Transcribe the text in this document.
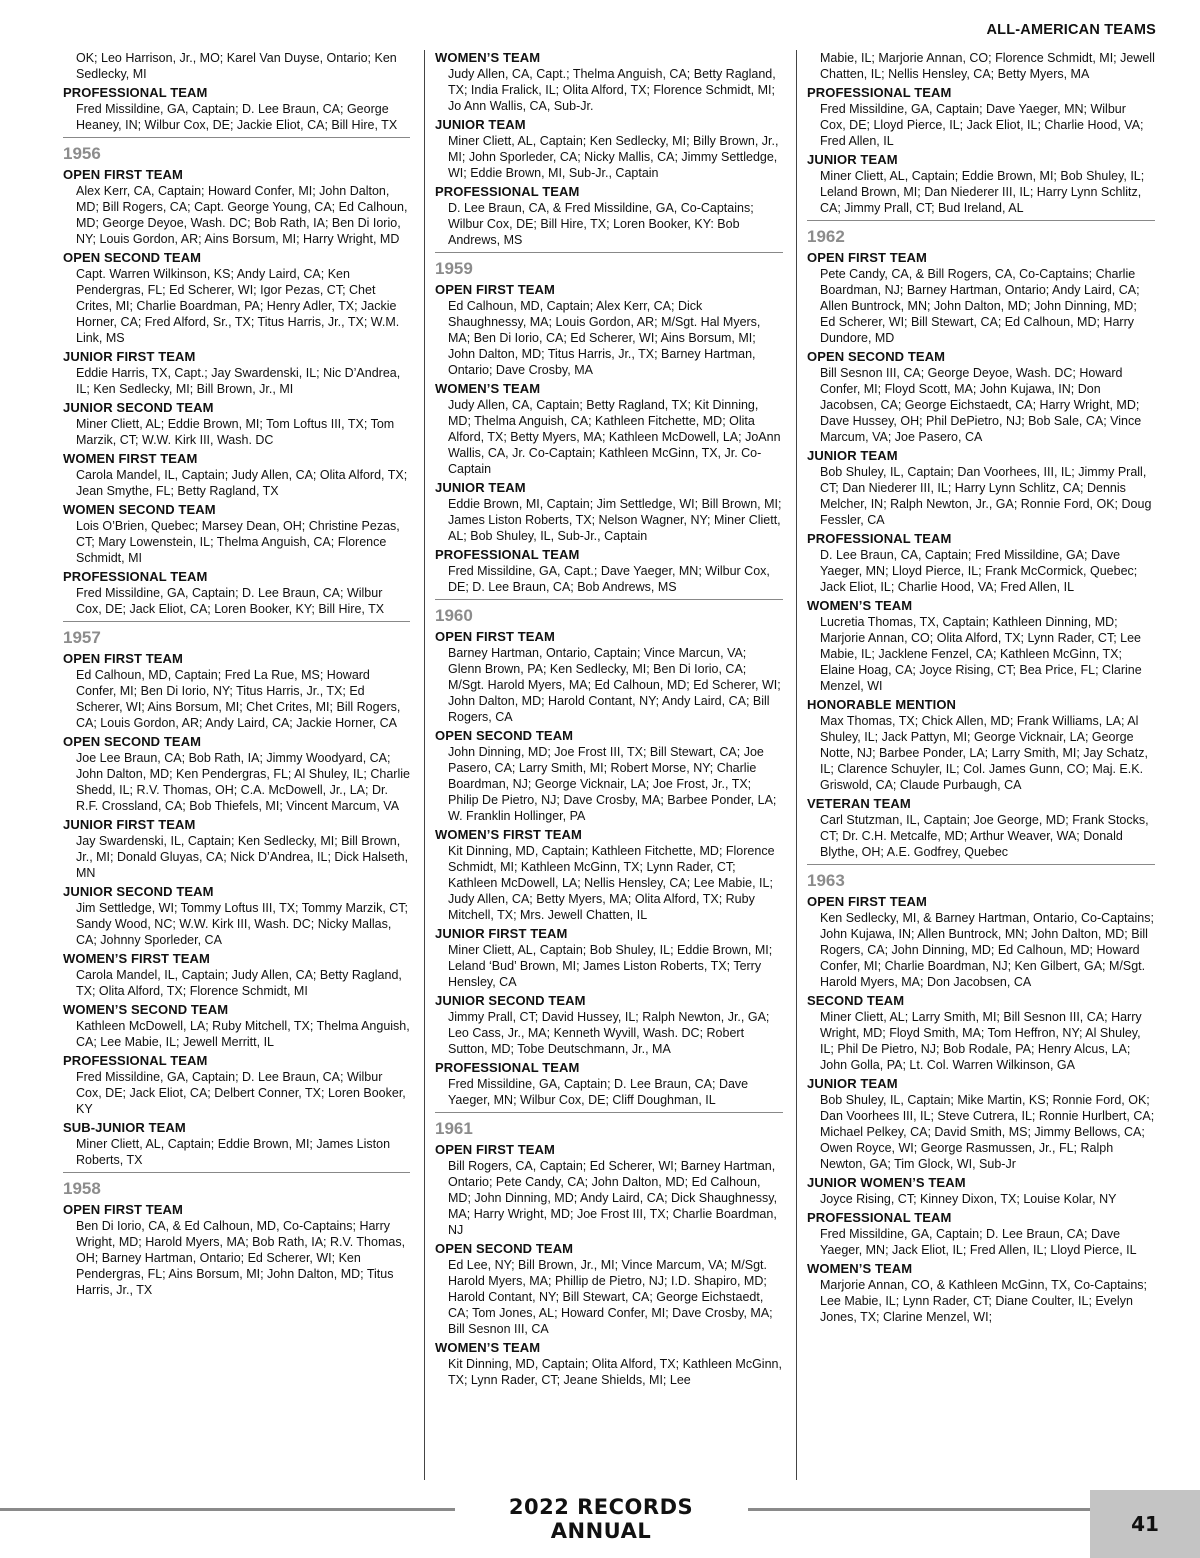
ALL-AMERICAN TEAMS
OK; Leo Harrison, Jr., MO; Karel Van Duyse, Ontario; Ken Sedlecky, MI
PROFESSIONAL TEAM
Fred Missildine, GA, Captain; D. Lee Braun, CA; George Heaney, IN; Wilbur Cox, DE; Jackie Eliot, CA; Bill Hire, TX
1956
OPEN FIRST TEAM
Alex Kerr, CA, Captain; Howard Confer, MI; John Dalton, MD; Bill Rogers, CA; Capt. George Young, CA; Ed Calhoun, MD; George Deyoe, Wash. DC; Bob Rath, IA; Ben Di Iorio, NY; Louis Gordon, AR; Ains Borsum, MI; Harry Wright, MD
OPEN SECOND TEAM
Capt. Warren Wilkinson, KS; Andy Laird, CA; Ken Pendergras, FL; Ed Scherer, WI; Igor Pezas, CT; Chet Crites, MI; Charlie Boardman, PA; Henry Adler, TX; Jackie Horner, CA; Fred Alford, Sr., TX; Titus Harris, Jr., TX; W.M. Link, MS
JUNIOR FIRST TEAM
Eddie Harris, TX, Capt.; Jay Swardenski, IL; Nic D’Andrea, IL; Ken Sedlecky, MI; Bill Brown, Jr., MI
JUNIOR SECOND TEAM
Miner Cliett, AL; Eddie Brown, MI; Tom Loftus III, TX; Tom Marzik, CT; W.W. Kirk III, Wash. DC
WOMEN FIRST TEAM
Carola Mandel, IL, Captain; Judy Allen, CA; Olita Alford, TX; Jean Smythe, FL; Betty Ragland, TX
WOMEN SECOND TEAM
Lois O’Brien, Quebec; Marsey Dean, OH; Christine Pezas, CT; Mary Lowenstein, IL; Thelma Anguish, CA; Florence Schmidt, MI
PROFESSIONAL TEAM
Fred Missildine, GA, Captain; D. Lee Braun, CA; Wilbur Cox, DE; Jack Eliot, CA; Loren Booker, KY; Bill Hire, TX
1957
OPEN FIRST TEAM
Ed Calhoun, MD, Captain; Fred La Rue, MS; Howard Confer, MI; Ben Di Iorio, NY; Titus Harris, Jr., TX; Ed Scherer, WI; Ains Borsum, MI; Chet Crites, MI; Bill Rogers, CA; Louis Gordon, AR; Andy Laird, CA; Jackie Horner, CA
OPEN SECOND TEAM
Joe Lee Braun, CA; Bob Rath, IA; Jimmy Woodyard, CA; John Dalton, MD; Ken Pendergras, FL; Al Shuley, IL; Charlie Shedd, IL; R.V. Thomas, OH; C.A. McDowell, Jr., LA; Dr. R.F. Crossland, CA; Bob Thiefels, MI; Vincent Marcum, VA
JUNIOR FIRST TEAM
Jay Swardenski, IL, Captain; Ken Sedlecky, MI; Bill Brown, Jr., MI; Donald Gluyas, CA; Nick D’Andrea, IL; Dick Halseth, MN
JUNIOR SECOND TEAM
Jim Settledge, WI; Tommy Loftus III, TX; Tommy Marzik, CT; Sandy Wood, NC; W.W. Kirk III, Wash. DC; Nicky Mallas, CA; Johnny Sporleder, CA
WOMEN’S FIRST TEAM
Carola Mandel, IL, Captain; Judy Allen, CA; Betty Ragland, TX; Olita Alford, TX; Florence Schmidt, MI
WOMEN’S SECOND TEAM
Kathleen McDowell, LA; Ruby Mitchell, TX; Thelma Anguish, CA; Lee Mabie, IL; Jewell Merritt, IL
PROFESSIONAL TEAM
Fred Missildine, GA, Captain; D. Lee Braun, CA; Wilbur Cox, DE; Jack Eliot, CA; Delbert Conner, TX; Loren Booker, KY
SUB-JUNIOR TEAM
Miner Cliett, AL, Captain; Eddie Brown, MI; James Liston Roberts, TX
1958
OPEN FIRST TEAM
Ben Di Iorio, CA, & Ed Calhoun, MD, Co-Captains; Harry Wright, MD; Harold Myers, MA; Bob Rath, IA; R.V. Thomas, OH; Barney Hartman, Ontario; Ed Scherer, WI; Ken Pendergras, FL; Ains Borsum, MI; John Dalton, MD; Titus Harris, Jr., TX
WOMEN’S TEAM
Judy Allen, CA, Capt.; Thelma Anguish, CA; Betty Ragland, TX; India Fralick, IL; Olita Alford, TX; Florence Schmidt, MI; Jo Ann Wallis, CA, Sub-Jr.
JUNIOR TEAM
Miner Cliett, AL, Captain; Ken Sedlecky, MI; Billy Brown, Jr., MI; John Sporleder, CA; Nicky Mallis, CA; Jimmy Settledge, WI; Eddie Brown, MI, Sub-Jr., Captain
PROFESSIONAL TEAM
D. Lee Braun, CA, & Fred Missildine, GA, Co-Captains; Wilbur Cox, DE; Bill Hire, TX; Loren Booker, KY: Bob Andrews, MS
1959
OPEN FIRST TEAM
Ed Calhoun, MD, Captain; Alex Kerr, CA; Dick Shaughnessy, MA; Louis Gordon, AR; M/Sgt. Hal Myers, MA; Ben Di Iorio, CA; Ed Scherer, WI; Ains Borsum, MI; John Dalton, MD; Titus Harris, Jr., TX; Barney Hartman, Ontario; Dave Crosby, MA
WOMEN’S TEAM
Judy Allen, CA, Captain; Betty Ragland, TX; Kit Dinning, MD; Thelma Anguish, CA; Kathleen Fitchette, MD; Olita Alford, TX; Betty Myers, MA; Kathleen McDowell, LA; JoAnn Wallis, CA, Jr. Co-Captain; Kathleen McGinn, TX, Jr. Co-Captain
JUNIOR TEAM
Eddie Brown, MI, Captain; Jim Settledge, WI; Bill Brown, MI; James Liston Roberts, TX; Nelson Wagner, NY; Miner Cliett, AL; Bob Shuley, IL, Sub-Jr., Captain
PROFESSIONAL TEAM
Fred Missildine, GA, Capt.; Dave Yaeger, MN; Wilbur Cox, DE; D. Lee Braun, CA; Bob Andrews, MS
1960
OPEN FIRST TEAM
Barney Hartman, Ontario, Captain; Vince Marcun, VA; Glenn Brown, PA; Ken Sedlecky, MI; Ben Di Iorio, CA; M/Sgt. Harold Myers, MA; Ed Calhoun, MD; Ed Scherer, WI; John Dalton, MD; Harold Contant, NY; Andy Laird, CA; Bill Rogers, CA
OPEN SECOND TEAM
John Dinning, MD; Joe Frost III, TX; Bill Stewart, CA; Joe Pasero, CA; Larry Smith, MI; Robert Morse, NY; Charlie Boardman, NJ; George Vicknair, LA; Joe Frost, Jr., TX; Philip De Pietro, NJ; Dave Crosby, MA; Barbee Ponder, LA; W. Franklin Hollinger, PA
WOMEN’S FIRST TEAM
Kit Dinning, MD, Captain; Kathleen Fitchette, MD; Florence Schmidt, MI; Kathleen McGinn, TX; Lynn Rader, CT; Kathleen McDowell, LA; Nellis Hensley, CA; Lee Mabie, IL; Judy Allen, CA; Betty Myers, MA; Olita Alford, TX; Ruby Mitchell, TX; Mrs. Jewell Chatten, IL
JUNIOR FIRST TEAM
Miner Cliett, AL, Captain; Bob Shuley, IL; Eddie Brown, MI; Leland ‘Bud’ Brown, MI; James Liston Roberts, TX; Terry Hensley, CA
JUNIOR SECOND TEAM
Jimmy Prall, CT; David Hussey, IL; Ralph Newton, Jr., GA; Leo Cass, Jr., MA; Kenneth Wyvill, Wash. DC; Robert Sutton, MD; Tobe Deutschmann, Jr., MA
PROFESSIONAL TEAM
Fred Missildine, GA, Captain; D. Lee Braun, CA; Dave Yaeger, MN; Wilbur Cox, DE; Cliff Doughman, IL
1961
OPEN FIRST TEAM
Bill Rogers, CA, Captain; Ed Scherer, WI; Barney Hartman, Ontario; Pete Candy, CA; John Dalton, MD; Ed Calhoun, MD; John Dinning, MD; Andy Laird, CA; Dick Shaughnessy, MA; Harry Wright, MD; Joe Frost III, TX; Charlie Boardman, NJ
OPEN SECOND TEAM
Ed Lee, NY; Bill Brown, Jr., MI; Vince Marcum, VA; M/Sgt. Harold Myers, MA; Phillip de Pietro, NJ; I.D. Shapiro, MD; Harold Contant, NY; Bill Stewart, CA; George Eichstaedt, CA; Tom Jones, AL; Howard Confer, MI; Dave Crosby, MA; Bill Sesnon III, CA
WOMEN’S TEAM
Kit Dinning, MD, Captain; Olita Alford, TX; Kathleen McGinn, TX; Lynn Rader, CT; Jeane Shields, MI; Lee
Mabie, IL; Marjorie Annan, CO; Florence Schmidt, MI; Jewell Chatten, IL; Nellis Hensley, CA; Betty Myers, MA
PROFESSIONAL TEAM
Fred Missildine, GA, Captain; Dave Yaeger, MN; Wilbur Cox, DE; Lloyd Pierce, IL; Jack Eliot, IL; Charlie Hood, VA; Fred Allen, IL
JUNIOR TEAM
Miner Cliett, AL, Captain; Eddie Brown, MI; Bob Shuley, IL; Leland Brown, MI; Dan Niederer III, IL; Harry Lynn Schlitz, CA; Jimmy Prall, CT; Bud Ireland, AL
1962
OPEN FIRST TEAM
Pete Candy, CA, & Bill Rogers, CA, Co-Captains; Charlie Boardman, NJ; Barney Hartman, Ontario; Andy Laird, CA; Allen Buntrock, MN; John Dalton, MD; John Dinning, MD; Ed Scherer, WI; Bill Stewart, CA; Ed Calhoun, MD; Harry Dundore, MD
OPEN SECOND TEAM
Bill Sesnon III, CA; George Deyoe, Wash. DC; Howard Confer, MI; Floyd Scott, MA; John Kujawa, IN; Don Jacobsen, CA; George Eichstaedt, CA; Harry Wright, MD; Dave Hussey, OH; Phil DePietro, NJ; Bob Sale, CA; Vince Marcum, VA; Joe Pasero, CA
JUNIOR TEAM
Bob Shuley, IL, Captain; Dan Voorhees, III, IL; Jimmy Prall, CT; Dan Niederer III, IL; Harry Lynn Schlitz, CA; Dennis Melcher, IN; Ralph Newton, Jr., GA; Ronnie Ford, OK; Doug Fessler, CA
PROFESSIONAL TEAM
D. Lee Braun, CA, Captain; Fred Missildine, GA; Dave Yaeger, MN; Lloyd Pierce, IL; Frank McCormick, Quebec; Jack Eliot, IL; Charlie Hood, VA; Fred Allen, IL
WOMEN’S TEAM
Lucretia Thomas, TX, Captain; Kathleen Dinning, MD; Marjorie Annan, CO; Olita Alford, TX; Lynn Rader, CT; Lee Mabie, IL; Jacklene Fenzel, CA; Kathleen McGinn, TX; Elaine Hoag, CA; Joyce Rising, CT; Bea Price, FL; Clarine Menzel, WI
HONORABLE MENTION
Max Thomas, TX; Chick Allen, MD; Frank Williams, LA; Al Shuley, IL; Jack Pattyn, MI; George Vicknair, LA; George Notte, NJ; Barbee Ponder, LA; Larry Smith, MI; Jay Schatz, IL; Clarence Schuyler, IL; Col. James Gunn, CO; Maj. E.K. Griswold, CA; Claude Purbaugh, CA
VETERAN TEAM
Carl Stutzman, IL, Captain; Joe George, MD; Frank Stocks, CT; Dr. C.H. Metcalfe, MD; Arthur Weaver, WA; Donald Blythe, OH; A.E. Godfrey, Quebec
1963
OPEN FIRST TEAM
Ken Sedlecky, MI, & Barney Hartman, Ontario, Co-Captains; John Kujawa, IN; Allen Buntrock, MN; John Dalton, MD; Bill Rogers, CA; John Dinning, MD; Ed Calhoun, MD; Howard Confer, MI; Charlie Boardman, NJ; Ken Gilbert, GA; M/Sgt. Harold Myers, MA; Don Jacobsen, CA
SECOND TEAM
Miner Cliett, AL; Larry Smith, MI; Bill Sesnon III, CA; Harry Wright, MD; Floyd Smith, MA; Tom Heffron, NY; Al Shuley, IL; Phil De Pietro, NJ; Bob Rodale, PA; Henry Alcus, LA; John Golla, PA; Lt. Col. Warren Wilkinson, GA
JUNIOR TEAM
Bob Shuley, IL, Captain; Mike Martin, KS; Ronnie Ford, OK; Dan Voorhees III, IL; Steve Cutrera, IL; Ronnie Hurlbert, CA; Michael Pelkey, CA; David Smith, MS; Jimmy Bellows, CA; Owen Royce, WI; George Rasmussen, Jr., FL; Ralph Newton, GA; Tim Glock, WI, Sub-Jr
JUNIOR WOMEN’S TEAM
Joyce Rising, CT; Kinney Dixon, TX; Louise Kolar, NY
PROFESSIONAL TEAM
Fred Missildine, GA, Captain; D. Lee Braun, CA; Dave Yaeger, MN; Jack Eliot, IL; Fred Allen, IL; Lloyd Pierce, IL
WOMEN’S TEAM
Marjorie Annan, CO, & Kathleen McGinn, TX, Co-Captains; Lee Mabie, IL; Lynn Rader, CT; Diane Coulter, IL; Evelyn Jones, TX; Clarine Menzel, WI;
2022 RECORDS ANNUAL	41
